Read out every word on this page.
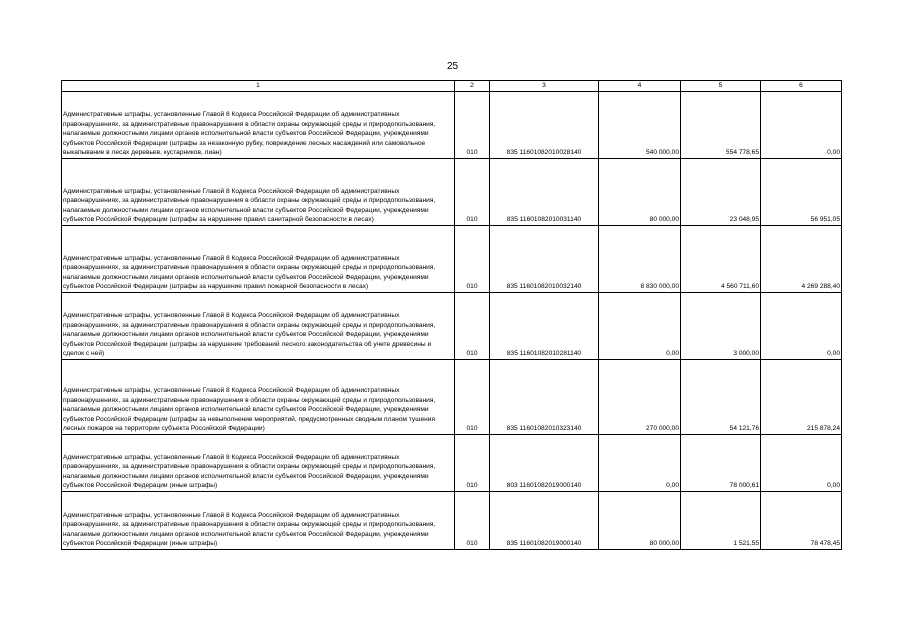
25
1	2	3	4	5	6
Административные штрафы, установленные Главой 8 Кодекса Российской Федерации об административных правонарушениях, за административные правонарушения в области охраны окружающей среды и природопользования, налагаемые должностными лицами органов исполнительной власти субъектов Российской Федерации, учреждениями субъектов Российской Федерации (штрафы за незаконную рубку, повреждение лесных насаждений или самовольное выкапывание в лесах деревьев, кустарников, лиан)	010	835 11601082010028140	540 000,00	554 778,65	0,00
Административные штрафы, установленные Главой 8 Кодекса Российской Федерации об административных правонарушениях, за административные правонарушения в области охраны окружающей среды и природопользования, налагаемые должностными лицами органов исполнительной власти субъектов Российской Федерации, учреждениями субъектов Российской Федерации (штрафы за нарушение правил санитарной безопасности в лесах)	010	835 11601082010031140	80 000,00	23 048,95	56 951,05
Административные штрафы, установленные Главой 8 Кодекса Российской Федерации об административных правонарушениях, за административные правонарушения в области охраны окружающей среды и природопользования, налагаемые должностными лицами органов исполнительной власти субъектов Российской Федерации, учреждениями субъектов Российской Федерации (штрафы за нарушение правил пожарной безопасности в лесах)	010	835 11601082010032140	8 830 000,00	4 560 711,60	4 269 288,40
Административные штрафы, установленные Главой 8 Кодекса Российской Федерации об административных правонарушениях, за административные правонарушения в области охраны окружающей среды и природопользования, налагаемые должностными лицами органов исполнительной власти субъектов Российской Федерации, учреждениями субъектов Российской Федерации (штрафы за нарушение требований лесного законодательства об учете древесины и сделок с ней)	010	835 11601082010281140	0,00	3 000,00	0,00
Административные штрафы, установленные Главой 8 Кодекса Российской Федерации об административных правонарушениях, за административные правонарушения в области охраны окружающей среды и природопользования, налагаемые должностными лицами органов исполнительной власти субъектов Российской Федерации, учреждениями субъектов Российской Федерации (штрафы за невыполнение мероприятий, предусмотренных сводным планом тушения лесных пожаров на территории субъекта Российской Федерации)	010	835 11601082010323140	270 000,00	54 121,76	215 878,24
Административные штрафы, установленные Главой 8 Кодекса Российской Федерации об административных правонарушениях, за административные правонарушения в области охраны окружающей среды и природопользования, налагаемые должностными лицами органов исполнительной власти субъектов Российской Федерации, учреждениями субъектов Российской Федерации (иные штрафы)	010	803 11601082019000140	0,00	78 000,61	0,00
Административные штрафы, установленные Главой 8 Кодекса Российской Федерации об административных правонарушениях, за административные правонарушения в области охраны окружающей среды и природопользования, налагаемые должностными лицами органов исполнительной власти субъектов Российской Федерации, учреждениями субъектов Российской Федерации (иные штрафы)	010	835 11601082019000140	80 000,00	1 521,55	78 478,45
